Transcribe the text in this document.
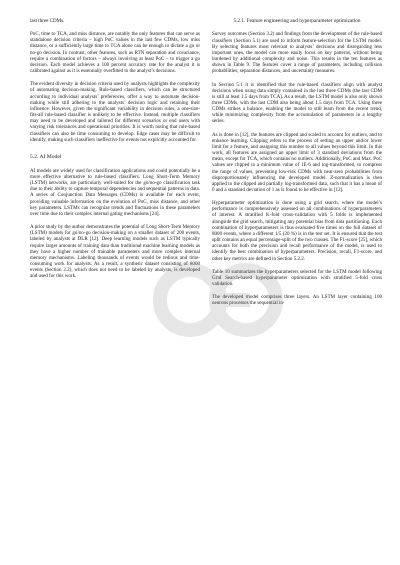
last three CDMs.

PoC, time to TCA, and miss distance, are notably the only features that can serve as standalone decision criteria – high PoC values in the last few CDMs, low miss distance, or a sufficiently large time to TCA alone can be enough to dictate a go or no-go decision. In contrast, other features, such as RTN separation and covariance, require a combination of factors – always involving at least PoC – to trigger a go decision. Each model achieves a 100 percent accuracy rate for the analyst it is calibrated against as it is essentially overfitted to the analyst’s decisions.

The evident diversity in decision criteria used by analysts highlights the complexity of automating decision-making. Rule-based classifiers, which can be structured according to individual analysts’ preferences, offer a way to automate decision-making while still adhering to the analysts’ decision logic and retaining their influence. However, given the significant variability in decision rules, a one-size-fits-all rule-based classifier is unlikely to be effective. Instead, multiple classifiers may need to be developed and tailored for different scenarios or end users with varying risk tolerances and operational priorities. It is worth noting that rule-based classifiers can also be time consuming to develop. Edge cases may be difficult to identify, making such classifiers ineffective for events not explicitly accounted for.

5.2. AI Model

AI models are widely used for classification applications and could potentially be a more effective alternative to rule-based classifiers. Long Short-Term Memory (LSTM) networks, are particularly well-suited for the go/no-go classification task due to their ability to capture temporal dependencies and sequential patterns in data. A series of Conjunction Data Messages (CDMs) is available for each event, providing valuable information on the evolution of PoC, miss distance, and other key parameters. LSTMs can recognize trends and fluctuations in these parameters over time due to their complex internal gating mechanisms [24].

A prior study by the author demonstrates the potential of Long Short-Term Memory (LSTM) models for go/no-go decision-making on a smaller dataset of 200 events, labeled by analysts at DLR [12]. Deep learning models such as LSTM typically require larger amounts of training data than traditional machine learning models as they have a higher number of trainable parameters and more complex internal memory mechanisms. Labeling thousands of events would be tedious and time-consuming work for analysts. As a result, a synthetic dataset consisting of 8000 events (Section 2.2), which does not need to be labeled by analysts, is developed and used for this work.

5.2.1. Feature engineering and hyperparameter optimization

Survey outcomes (Section 3.2) and findings from the development of the rule-based classifiers (Section 5.1) are used to inform feature-selection for the LSTM model. By selecting features most relevant to analysts’ decisions and disregarding less important ones, the model can more easily focus on key patterns, without being burdened by additional complexity and noise. This results in the ten features as shown in Table 9. The features cover a range of parameters, including collision probabilities, separation distances, and uncertainty measures.

In Section 5.1 it is identified that the rule-based classifiers align with analyst decisions when using data simply contained in the last three CDMs (the last CDM is still at least 1.5 days from TCA). As a result, the LSTM model is also only shown three CDMs, with the last CDM also being about 1.5 days from TCA. Using three CDMs strikes a balance, enabling the model to still learn from the recent trend, while minimizing complexity from the accumulation of parameters in a lengthy series.

As is done in [12], the features are clipped and scaled to account for outliers, and to enhance learning. Clipping refers to the process of setting an upper and/or lower limit for a feature, and assigning this number to all values beyond this limit. In this work, all features are assigned an upper limit of 3 standard deviations from the mean, except for TCA, which contains no outliers. Additionally, PoC and Max. PoC values are clipped to a minimum value of 1E-6 and log-transformed, to compress the range of values, preventing low-risk CDMs with near-zero probabilities from disproportionately influencing the developed model. Z-normalization is then applied to the clipped and partially log-transformed data, such that it has a mean of 0 and a standard deviation of 1 as is found to be effective in [12].

Hyperparameter optimization is done using a grid search, where the model’s performance is comprehensively assessed on all combinations of hyperparameters of interest. A stratified K-fold cross-validation with 5 folds is implemented alongside the grid search, mitigating any potential bias from data partitioning. Each combination of hyperparameters is thus evaluated five times on the full dataset of 8000 events, where a different 1/5 (20 %) is in the test set. It is ensured that the test split contains an equal percentage-split of the two classes. The F1-score [25], which accounts for both the precision and recall performance of the model, is used to identify the best combination of hyperparameters. Precision, recall, F1-score, and other key metrics are defined in Section 5.2.2.

Table 10 summarizes the hyperparameters selected for the LSTM model following Grid Search-based hyperparameter optimization with stratified 5-fold cross validation.

The developed model comprises three layers. An LSTM layer containing 100 neurons processes the sequential in-
